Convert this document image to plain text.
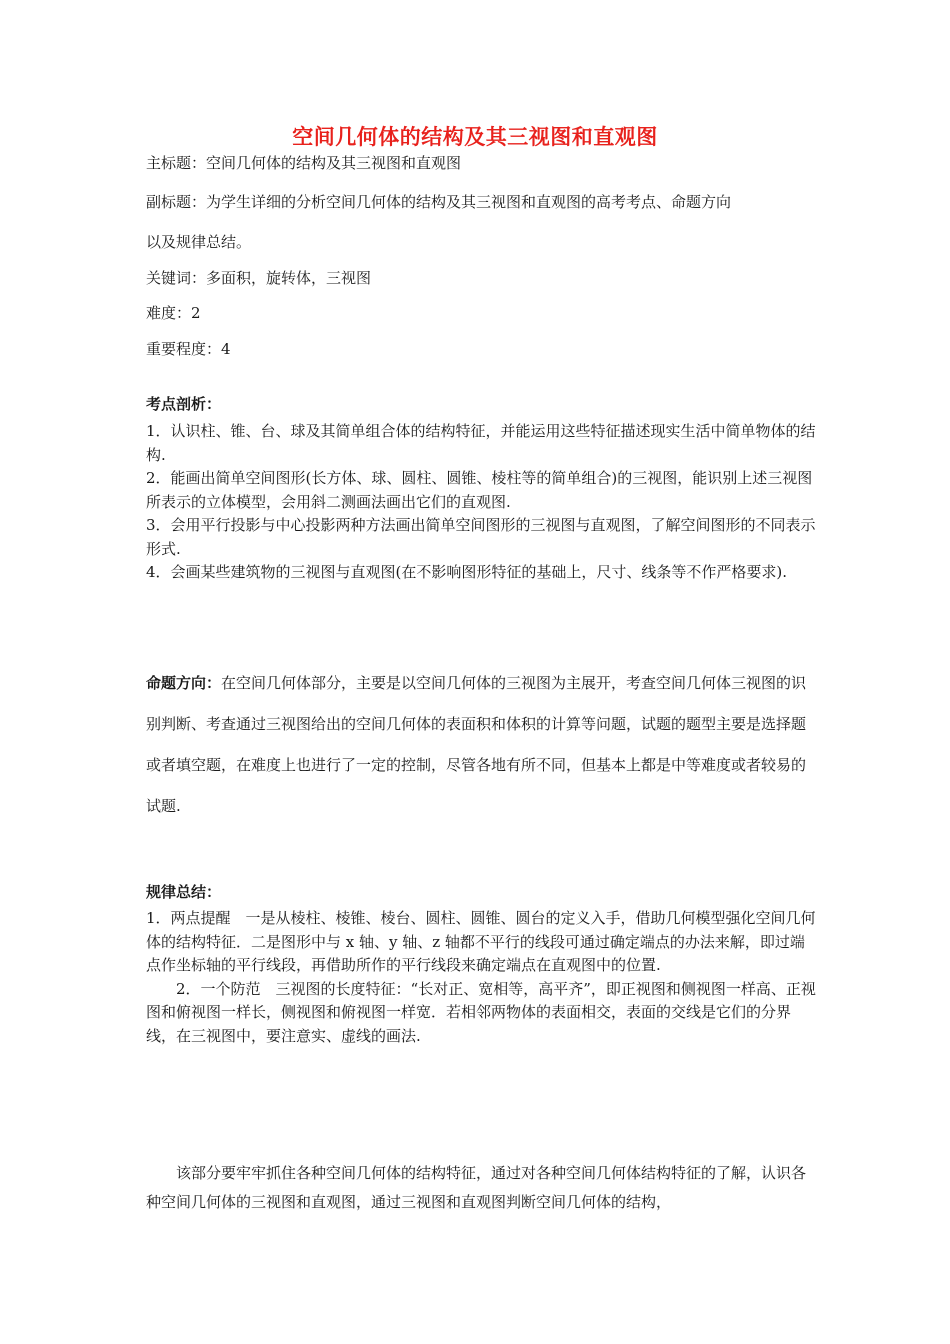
空间几何体的结构及其三视图和直观图
主标题：空间几何体的结构及其三视图和直观图
副标题：为学生详细的分析空间几何体的结构及其三视图和直观图的高考考点、命题方向
以及规律总结。
关键词：多面积，旋转体，三视图
难度：2
重要程度：4
考点剖析：

1．认识柱、锥、台、球及其简单组合体的结构特征，并能运用这些特征描述现实生活中简单物体的结构.

2．能画出简单空间图形(长方体、球、圆柱、圆锥、棱柱等的简单组合)的三视图，能识别上述三视图所表示的立体模型，会用斜二测画法画出它们的直观图.

3．会用平行投影与中心投影两种方法画出简单空间图形的三视图与直观图，了解空间图形的不同表示形式.

4．会画某些建筑物的三视图与直观图(在不影响图形特征的基础上，尺寸、线条等不作严格要求).

命题方向：在空间几何体部分，主要是以空间几何体的三视图为主展开，考查空间几何体三视图的识别判断、考查通过三视图给出的空间几何体的表面积和体积的计算等问题，试题的题型主要是选择题或者填空题，在难度上也进行了一定的控制，尽管各地有所不同，但基本上都是中等难度或者较易的试题.

规律总结：

1．两点提醒　一是从棱柱、棱锥、棱台、圆柱、圆锥、圆台的定义入手，借助几何模型强化空间几何体的结构特征．二是图形中与 x 轴、y 轴、z 轴都不平行的线段可通过确定端点的办法来解，即过端点作坐标轴的平行线段，再借助所作的平行线段来确定端点在直观图中的位置.

2．一个防范　三视图的长度特征：“长对正、宽相等，高平齐”，即正视图和侧视图一样高、正视图和俯视图一样长，侧视图和俯视图一样宽．若相邻两物体的表面相交，表面的交线是它们的分界线，在三视图中，要注意实、虚线的画法.

该部分要牢牢抓住各种空间几何体的结构特征，通过对各种空间几何体结构特征的了解，认识各种空间几何体的三视图和直观图，通过三视图和直观图判断空间几何体的结构，
